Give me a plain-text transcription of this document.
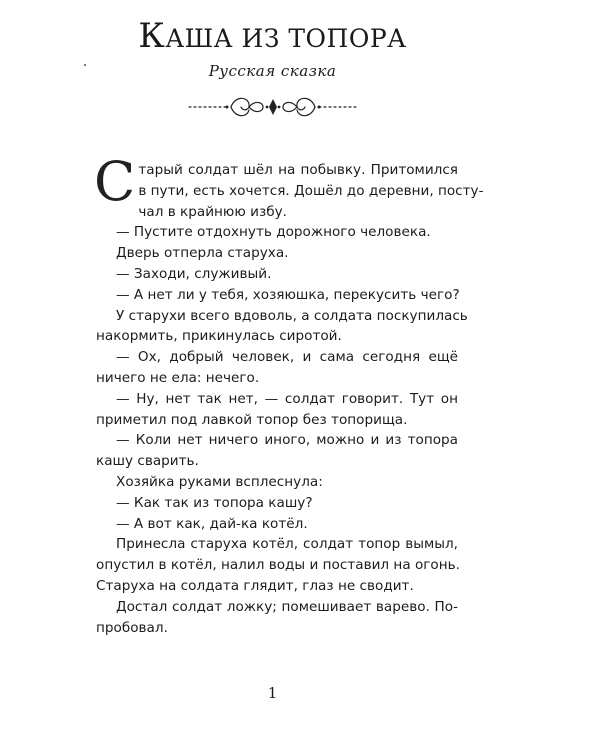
КАША ИЗ ТОПОРА
Русская сказка

С тарый солдат шёл на побывку. Притомился
в пути, есть хочется. Дошёл до деревни, посту-
чал в крайнюю избу.

— Пустите отдохнуть дорожного человека.

Дверь отперла старуха.

— Заходи, служивый.

— А нет ли у тебя, хозяюшка, перекусить чего?

У старухи всего вдоволь, а солдата поскупилась
накормить, прикинулась сиротой.

— Ох, добрый человек, и сама сегодня ещё
ничего не ела: нечего.

— Ну, нет так нет, — солдат говорит. Тут он
приметил под лавкой топор без топорища.

— Коли нет ничего иного, можно и из топора
кашу сварить.

Хозяйка руками всплеснула:

— Как так из топора кашу?

— А вот как, дай-ка котёл.

Принесла старуха котёл, солдат топор вымыл,
опустил в котёл, налил воды и поставил на огонь.
Старуха на солдата глядит, глаз не сводит.

Достал солдат ложку; помешивает варево. По-
пробовал.

1
